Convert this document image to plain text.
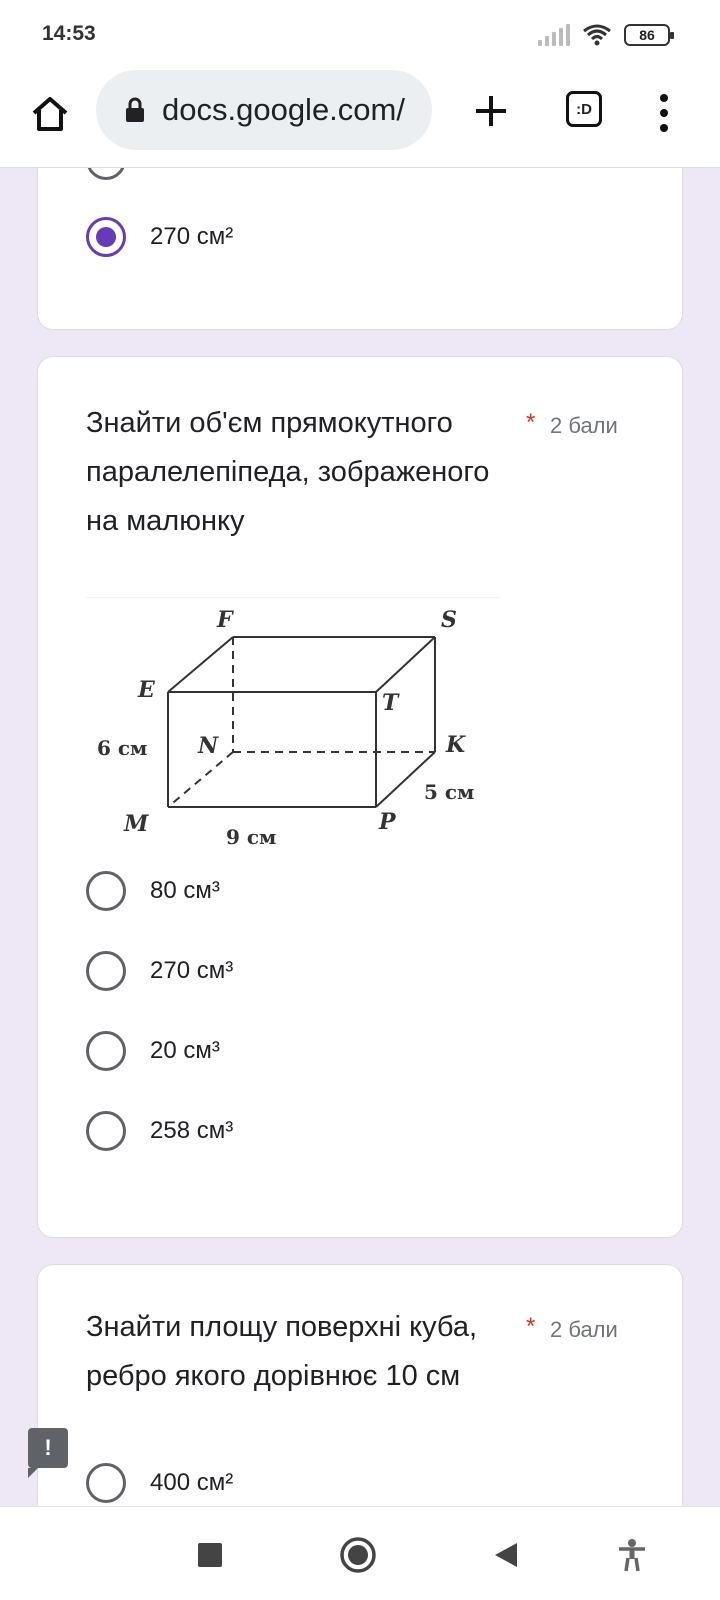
14:53	86
270 см²
Знайти об'єм прямокутного паралелепіпеда, зображеного на малюнку
* 2 бали
F	S
E	T
N	K
M	P
6 см
9 см
5 см
80 см³
270 см³
20 см³
258 см³
Знайти площу поверхні куба, ребро якого дорівнює 10 см
* 2 бали
400 см²
!
docs.google.com/	:D
